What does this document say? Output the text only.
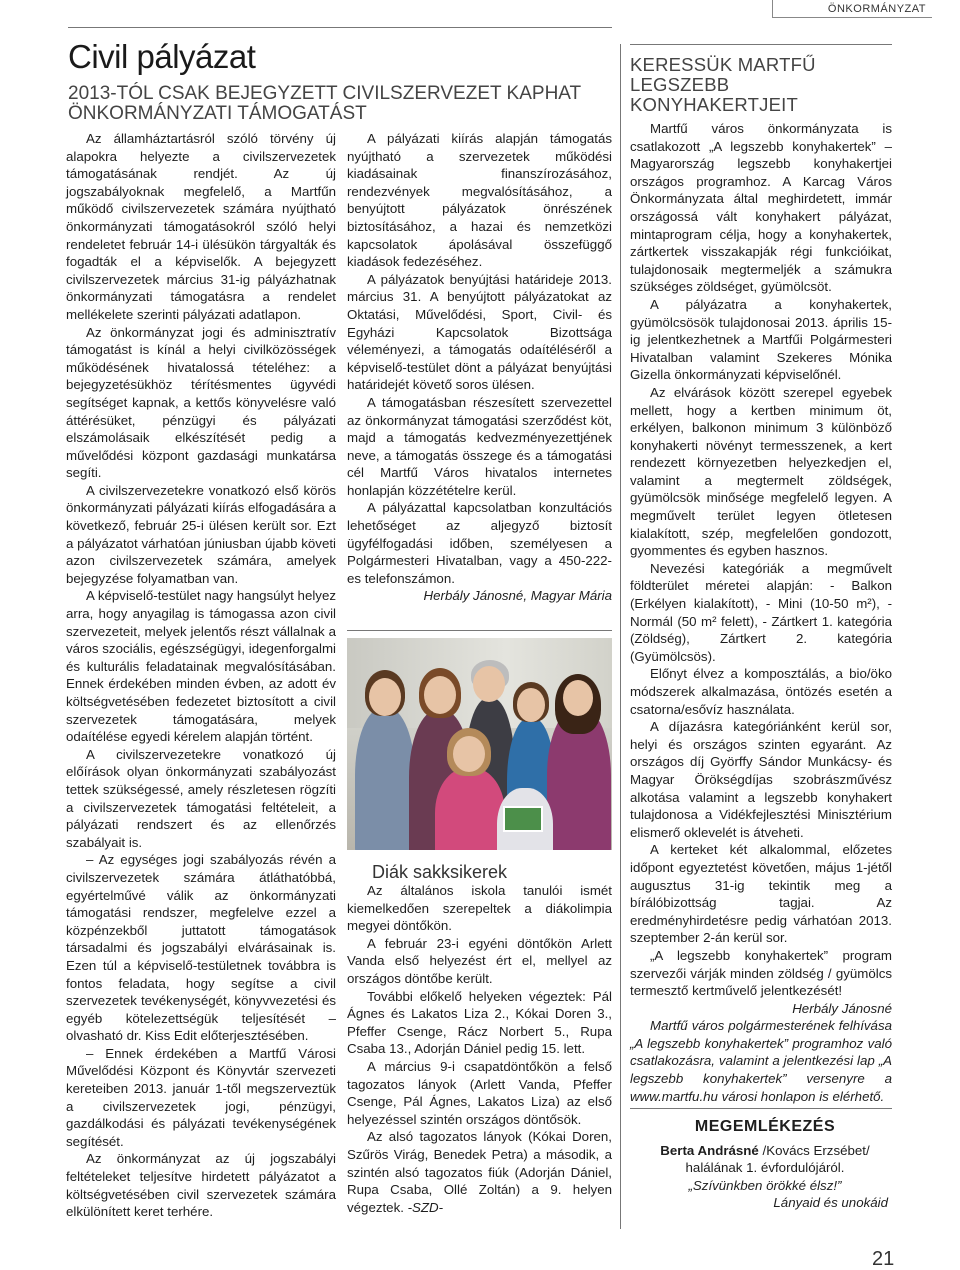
ÖNKORMÁNYZAT
Civil pályázat
2013-TÓL CSAK BEJEGYZETT CIVILSZERVEZET KAPHAT ÖNKORMÁNYZATI TÁMOGATÁST

Az államháztartásról szóló törvény új alapokra helyezte a civilszervezetek támogatásának rendjét. Az új jogszabályoknak megfelelő, a Martfűn működő civilszervezetek számára nyújtható önkormányzati támogatásokról szóló helyi rendeletet február 14-i ülésükön tárgyalták és fogadták el a képviselők. A bejegyzett civilszervezetek március 31-ig pályázhatnak önkormányzati támogatásra a rendelet mellékelete szerinti pályázati adatlapon.

Az önkormányzat jogi és adminisztratív támogatást is kínál a helyi civilközösségek működésének hivatalossá tételéhez: a bejegyzetésükhöz térítésmentes ügyvédi segítséget kapnak, a kettős könyvelésre való áttérésüket, pénzügyi és pályázati elszámolásaik elkészítését pedig a művelődési központ gazdasági munkatársa segíti.

A civilszervezetekre vonatkozó első körös önkormányzati pályázati kiírás elfogadására a következő, február 25-i ülésen került sor. Ezt a pályázatot várhatóan júniusban újabb követi azon civilszervezetek számára, amelyek bejegyzése folyamatban van.

A képviselő-testület nagy hangsúlyt helyez arra, hogy anyagilag is támogassa azon civil szervezeteit, melyek jelentős részt vállalnak a város szociális, egészségügyi, idegenforgalmi és kulturális feladatainak megvalósításában. Ennek érdekében minden évben, az adott év költségvetésében fedezetet biztosított a civil szervezetek támogatására, melyek odaítélése egyedi kérelem alapján történt.

A civilszervezetekre vonatkozó új előírások olyan önkormányzati szabályozást tettek szükségessé, amely részletesen rögzíti a civilszervezetek támogatási feltételeit, a pályázati rendszert és az ellenőrzés szabályait is.

– Az egységes jogi szabályozás révén a civilszervezetek számára átláthatóbbá, egyértelművé válik az önkormányzati támogatási rendszer, megfelelve ezzel a közpénzekből juttatott támogatások társadalmi és jogszabályi elvárásainak is. Ezen túl a képviselő-testületnek továbbra is fontos feladata, hogy segítse a civil szervezetek tevékenységét, könyvvezetési és egyéb kötelezettségük teljesítését – olvasható dr. Kiss Edit előterjesztésében.

– Ennek érdekében a Martfű Városi Művelődési Központ és Könyvtár szervezeti kereteiben 2013. január 1-től megszerveztük a civilszervezetek jogi, pénzügyi, gazdálkodási és pályázati tevékenységének segítését.

Az önkormányzat az új jogszabályi feltételeket teljesítve hirdetett pályázatot a költségvetésében civil szervezetek számára elkülönített keret terhére.

A pályázati kiírás alapján támogatás nyújtható a szervezetek működési kiadásainak finanszírozásához, rendezvények megvalósításához, a benyújtott pályázatok önrészének biztosításához, a hazai és nemzetközi kapcsolatok ápolásával összefüggő kiadások fedezéséhez.

A pályázatok benyújtási határideje 2013. március 31. A benyújtott pályázatokat az Oktatási, Művelődési, Sport, Civil- és Egyházi Kapcsolatok Bizottsága véleményezi, a támogatás odaítéléséről a képviselő-testület dönt a pályázat benyújtási határidejét követő soros ülésen.

A támogatásban részesített szervezettel az önkormányzat támogatási szerződést köt, majd a támogatás kedvezményezettjének neve, a támogatás összege és a támogatási cél Martfű Város hivatalos internetes honlapján közzétételre kerül.

A pályázattal kapcsolatban konzultációs lehetőséget az aljegyző biztosít ügyfélfogadási időben, személyesen a Polgármesteri Hivatalban, vagy a 450-222-es telefonszámon.

Herbály Jánosné, Magyar Mária

Diák sakksikerek

Az általános iskola tanulói ismét kiemelkedően szerepeltek a diákolimpia megyei döntőkön.

A február 23-i egyéni döntőkön Arlett Vanda első helyezést ért el, mellyel az országos döntőbe került.

További előkelő helyeken végeztek: Pál Ágnes és Lakatos Liza 2., Kókai Doren 3., Pfeffer Csenge, Rácz Norbert 5., Rupa Csaba 13., Adorján Dániel pedig 15. lett.

A március 9-i csapatdöntőkön a felső tagozatos lányok (Arlett Vanda, Pfeffer Csenge, Pál Ágnes, Lakatos Liza) az első helyezéssel szintén országos döntősök.

Az alsó tagozatos lányok (Kókai Doren, Szűrös Virág, Benedek Petra) a második, a szintén alsó tagozatos fiúk (Adorján Dániel, Rupa Csaba, Ollé Zoltán) a 9. helyen végeztek. -SZD-

KERESSÜK MARTFŰ LEGSZEBB KONYHAKERTJEIT

Martfű város önkormányzata is csatlakozott „A legszebb konyhakertek” – Magyarország legszebb konyhakertjei országos programhoz. A Karcag Város Önkormányzata által meghirdetett, immár országossá vált konyhakert pályázat, mintaprogram célja, hogy a konyhakertek, zártkertek visszakapják régi funkcióikat, tulajdonosaik megtermeljék a számukra szükséges zöldséget, gyümölcsöt.

A pályázatra a konyhakertek, gyümölcsösök tulajdonosai 2013. április 15-ig jelentkezhetnek a Martfűi Polgármesteri Hivatalban valamint Szekeres Mónika Gizella önkormányzati képviselőnél.

Az elvárások között szerepel egyebek mellett, hogy a kertben minimum öt, erkélyen, balkonon minimum 3 különböző konyhakerti növényt termesszenek, a kert rendezett környezetben helyezkedjen el, valamint a megtermelt zöldségek, gyümölcsök minősége megfelelő legyen. A megművelt terület legyen ötletesen kialakított, szép, megfelelően gondozott, gyommentes és egyben hasznos.

Nevezési kategóriák a megművelt földterület méretei alapján: - Balkon (Erkélyen kialakított), - Mini (10-50 m²), - Normál (50 m² felett), - Zártkert 1. kategória (Zöldség), Zártkert 2. kategória (Gyümölcsös).

Előnyt élvez a komposztálás, a bio/öko módszerek alkalmazása, öntözés esetén a csatorna/esővíz használata.

A díjazásra kategóriánként kerül sor, helyi és országos szinten egyaránt. Az országos díj Györffy Sándor Munkácsy- és Magyar Örökségdíjas szobrászművész alkotása valamint a legszebb konyhakert tulajdonosa a Vidékfejlesztési Minisztérium elismerő oklevelét is átveheti.

A kerteket két alkalommal, előzetes időpont egyeztetést követően, május 1-jétől augusztus 31-ig tekintik meg a bírálóbizottság tagjai. Az eredményhirdetésre pedig várhatóan 2013. szeptember 2-án kerül sor.

„A legszebb konyhakertek” program szervezői várják minden zöldség / gyümölcs termesztő kertművelő jelentkezését!

Herbály Jánosné

Martfű város polgármesterének felhívása „A legszebb konyhakertek” programhoz való csatlakozásra, valamint a jelentkezési lap „A legszebb konyhakertek” versenyre a www.martfu.hu városi honlapon is elérhető.

MEGEMLÉKEZÉS
Berta Andrásné /Kovács Erzsébet/
halálának 1. évfordulójáról.
„Szívünkben örökké élsz!”
Lányaid és unokáid
21
